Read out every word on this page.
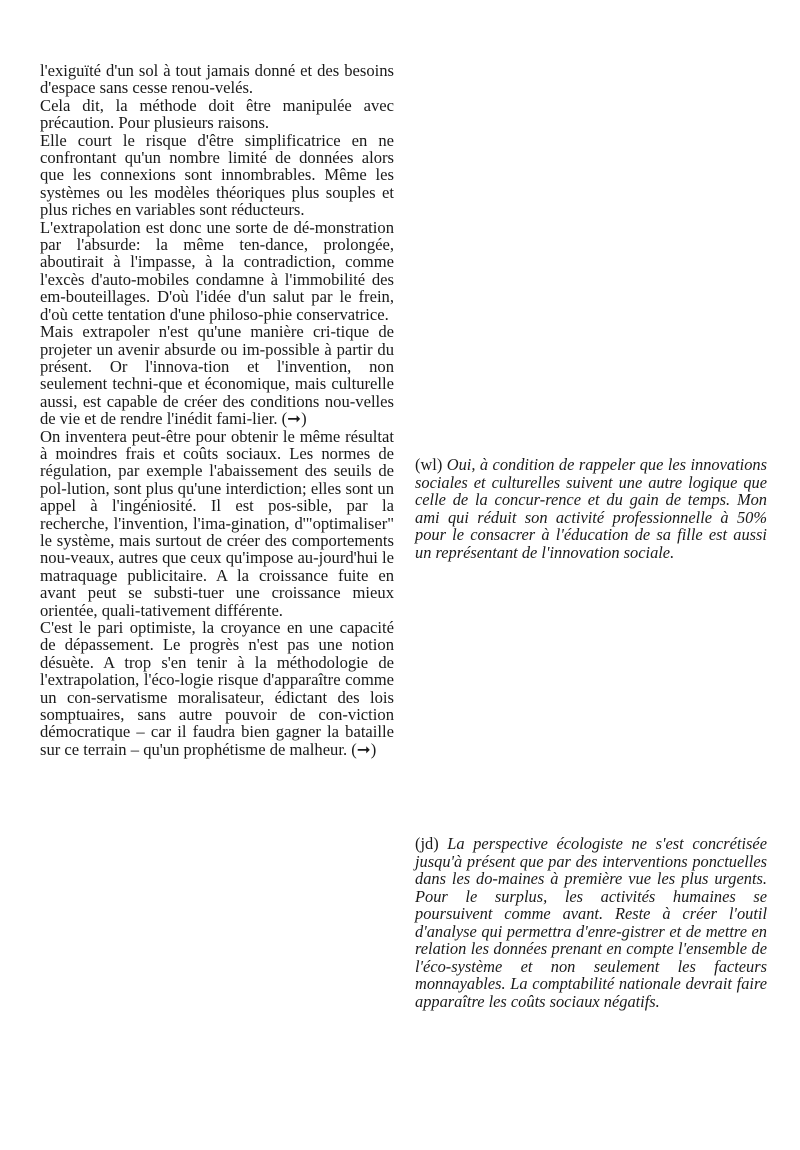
l'exiguïté d'un sol à tout jamais donné et des besoins d'espace sans cesse renou-velés.

Cela dit, la méthode doit être manipulée avec précaution. Pour plusieurs raisons.

Elle court le risque d'être simplificatrice en ne confrontant qu'un nombre limité de données alors que les connexions sont innombrables. Même les systèmes ou les modèles théoriques plus souples et plus riches en variables sont réducteurs.

L'extrapolation est donc une sorte de dé-monstration par l'absurde: la même ten-dance, prolongée, aboutirait à l'impasse, à la contradiction, comme l'excès d'auto-mobiles condamne à l'immobilité des em-bouteillages. D'où l'idée d'un salut par le frein, d'où cette tentation d'une philoso-phie conservatrice.

Mais extrapoler n'est qu'une manière cri-tique de projeter un avenir absurde ou im-possible à partir du présent. Or l'innova-tion et l'invention, non seulement techni-que et économique, mais culturelle aussi, est capable de créer des conditions nou-velles de vie et de rendre l'inédit fami-lier. (➞)

On inventera peut-être pour obtenir le même résultat à moindres frais et coûts sociaux. Les normes de régulation, par exemple l'abaissement des seuils de pol-lution, sont plus qu'une interdiction; elles sont un appel à l'ingéniosité. Il est pos-sible, par la recherche, l'invention, l'ima-gination, d'"optimaliser" le système, mais surtout de créer des comportements nou-veaux, autres que ceux qu'impose au-jourd'hui le matraquage publicitaire. A la croissance fuite en avant peut se substi-tuer une croissance mieux orientée, quali-tativement différente.

C'est le pari optimiste, la croyance en une capacité de dépassement. Le progrès n'est pas une notion désuète. A trop s'en tenir à la méthodologie de l'extrapolation, l'éco-logie risque d'apparaître comme un con-servatisme moralisateur, édictant des lois somptuaires, sans autre pouvoir de con-viction démocratique – car il faudra bien gagner la bataille sur ce terrain – qu'un prophétisme de malheur. (➞)

(wl) Oui, à condition de rappeler que les innovations sociales et culturelles suivent une autre logique que celle de la concur-rence et du gain de temps. Mon ami qui réduit son activité professionnelle à 50% pour le consacrer à l'éducation de sa fille est aussi un représentant de l'innovation sociale.

(jd) La perspective écologiste ne s'est concrétisée jusqu'à présent que par des interventions ponctuelles dans les do-maines à première vue les plus urgents. Pour le surplus, les activités humaines se poursuivent comme avant. Reste à créer l'outil d'analyse qui permettra d'enre-gistrer et de mettre en relation les données prenant en compte l'ensemble de l'éco-système et non seulement les facteurs monnayables. La comptabilité nationale devrait faire apparaître les coûts sociaux négatifs.
